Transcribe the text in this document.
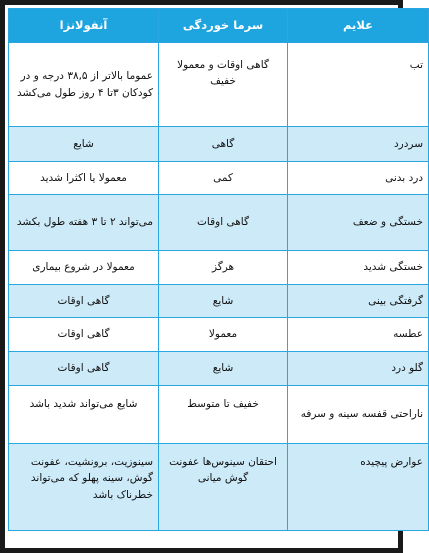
علایم	سرما خوردگی	آنفولانزا
تب	گاهی اوقات و معمولا خفیف	عموما بالاتر از ۳۸,۵ درجه و در کودکان ۳تا ۴ روز طول می‌کشد
سردرد	گاهی	شایع
درد بدنی	کمی	معمولا یا اکثرا شدید
خستگی و ضعف	گاهی اوقات	می‌تواند ۲ تا ۳ هفته طول بکشد
خستگی شدید	هرگز	معمولا در شروع بیماری
گرفتگی بینی	شایع	گاهی اوقات
عطسه	معمولا	گاهی اوقات
گلو درد	شایع	گاهی اوقات
ناراحتی قفسه سینه و سرفه	خفیف تا متوسط	شایع می‌تواند شدید باشد
عوارض پیچیده	احتقان سینوس‌ها عفونت گوش میانی	سینوزیت، برونشیت، عفونت گوش، سینه پهلو که می‌تواند خطرناک باشد
